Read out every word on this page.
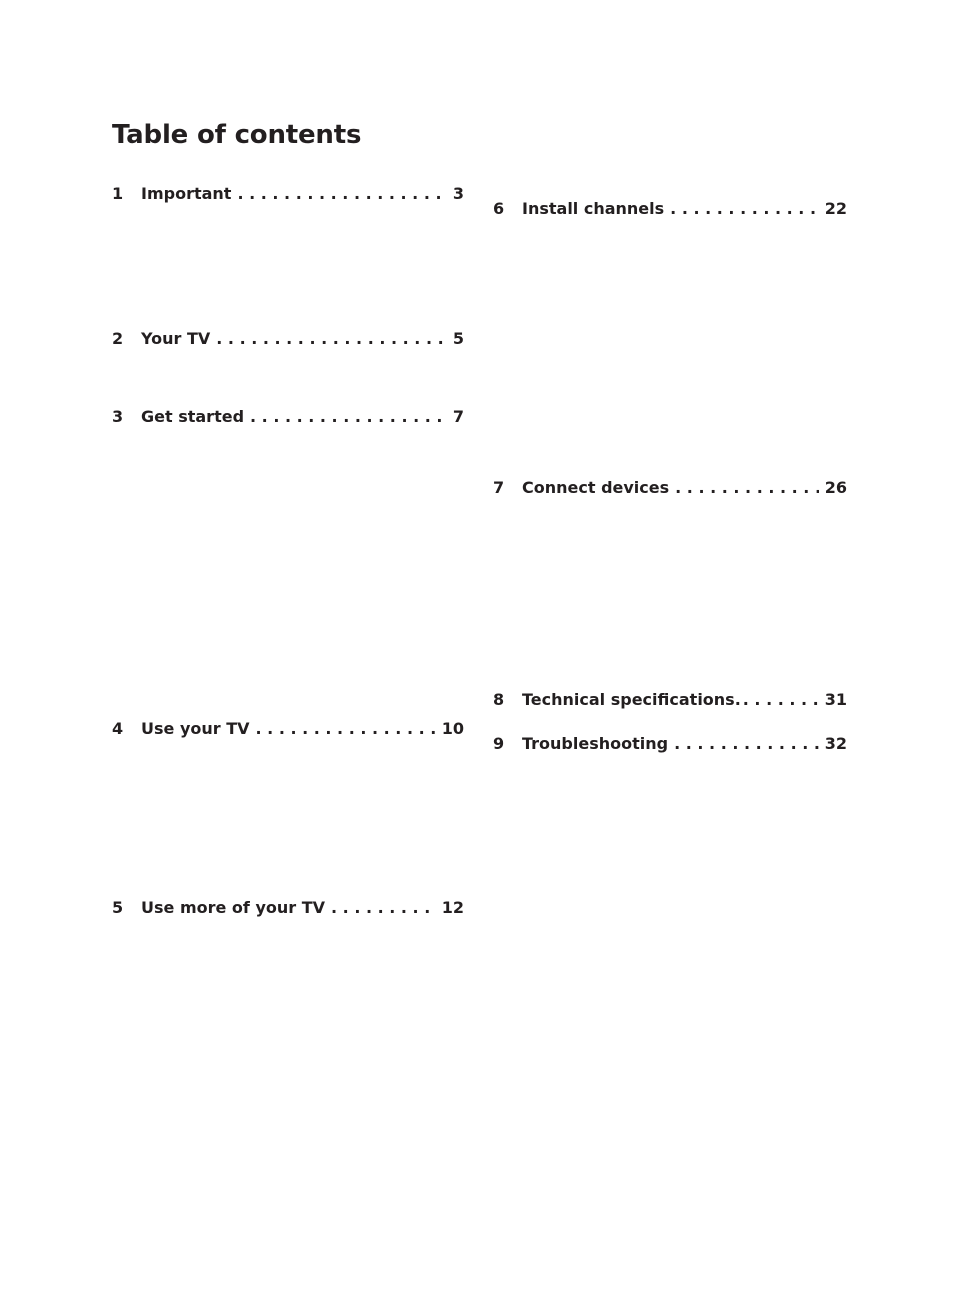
Table of contents
1	Important . . .	3
2	Your TV . . .	5
3	Get started . . .	7
4	Use your TV . . .	10
5	Use more of your TV . . .	12
6	Install channels . . .	22
7	Connect devices . . .	26
8	Technical specifications. . . .	31
9	Troubleshooting . . .	32
